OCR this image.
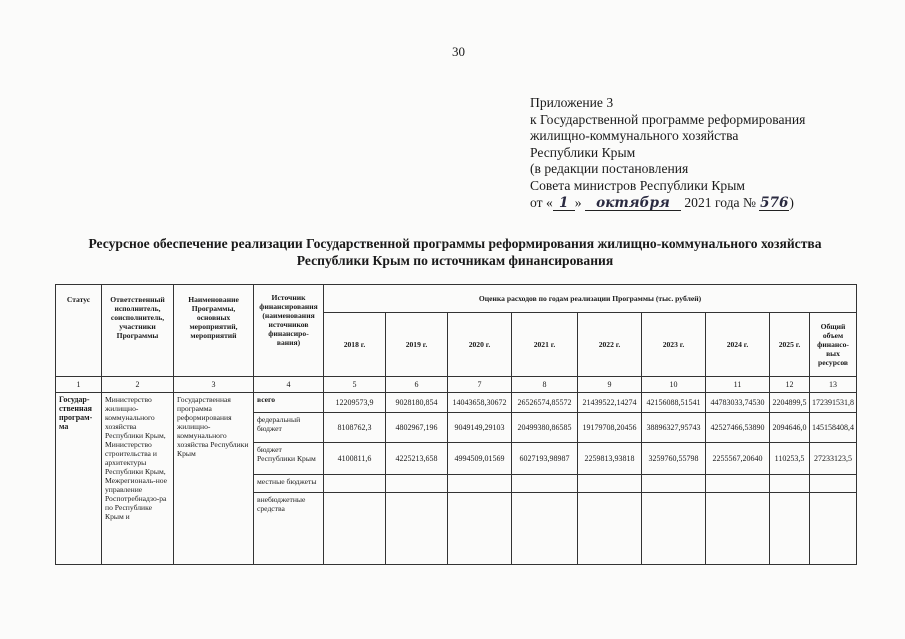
30
Приложение 3
к Государственной программе реформирования
жилищно-коммунального хозяйства
Республики Крым
(в редакции постановления
Совета министров Республики Крым
от « 1 » октября 2021 года № 576)
Ресурсное обеспечение реализации Государственной программы реформирования жилищно-коммунального хозяйства Республики Крым по источникам финансирования
Статус	Ответственный исполнитель, соисполнитель, участники Программы	Наименование Программы, основных мероприятий, мероприятий	Источник финансирования (наименования источников финансиро-вания)	Оценка расходов по годам реализации Программы (тыс. рублей)								
				2018 г.	2019 г.	2020 г.	2021 г.	2022 г.	2023 г.	2024 г.	2025 г.	Общий объем финансо-вых ресурсов
1	2	3	4	5	6	7	8	9	10	11	12	13
Государ-ственная програм-ма	Министерство жилищно-коммунального хозяйства Республики Крым, Министерство строительства и архитектуры Республики Крым, Межрегиональ-ное управление Роспотребнадзо-ра по Республике Крым и	Государственная программа реформирования жилищно-коммунального хозяйства Республики Крым	всего	12209573,9	9028180,854	14043658,30672	26526574,85572	21439522,14274	42156088,51541	44783033,74530	2204899,5	172391531,8
			федеральный бюджет	8108762,3	4802967,196	9049149,29103	20499380,86585	19179708,20456	38896327,95743	42527466,53890	2094646,0	145158408,4
			бюджет Республики Крым	4100811,6	4225213,658	4994509,01569	6027193,98987	2259813,93818	3259760,55798	2255567,20640	110253,5	27233123,5
			местные бюджеты									
			внебюджетные средства									
